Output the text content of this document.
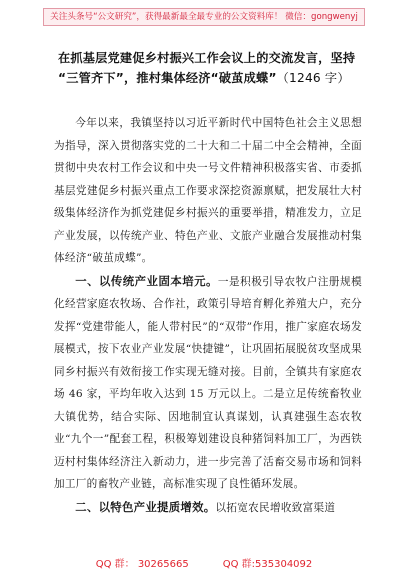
关注头条号“公文研究”，获得最新最全最专业的公文资料库！ 微信：gongwenyj
在抓基层党建促乡村振兴工作会议上的交流发言，坚持
“三管齐下”，推村集体经济“破茧成蝶”（1246 字）

今年以来，我镇坚持以习近平新时代中国特色社会主义思想为指导，深入贯彻落实党的二十大和二十届二中全会精神，全面贯彻中央农村工作会议和中央一号文件精神积极落实省、市委抓基层党建促乡村振兴重点工作要求深挖资源禀赋，把发展壮大村级集体经济作为抓党建促乡村振兴的重要举措，精准发力，立足产业发展，以传统产业、特色产业、文旅产业融合发展推动村集体经济“破茧成蝶”。

一、以传统产业固本培元。一是积极引导农牧户注册规模化经营家庭农牧场、合作社，政策引导培育孵化养殖大户，充分发挥“党建带能人，能人带村民”的“双带”作用，推广家庭农场发展模式，按下农业产业发展“快捷键”，让巩固拓展脱贫攻坚成果同乡村振兴有效衔接工作实现无缝对接。目前，全镇共有家庭农场 46 家，平均年收入达到 15 万元以上。二是立足传统畜牧业大镇优势，结合实际、因地制宜认真谋划，认真建强生态农牧业“九个一”配套工程，积极筹划建设良种猪饲料加工厂，为西铁迈村村集体经济注入新动力，进一步完善了活畜交易市场和饲料加工厂的畜牧产业链，高标准实现了良性循环发展。

二、以特色产业提质增效。以拓宽农民增收致富渠道

QQ 群： 30265665	QQ 群:535304092
